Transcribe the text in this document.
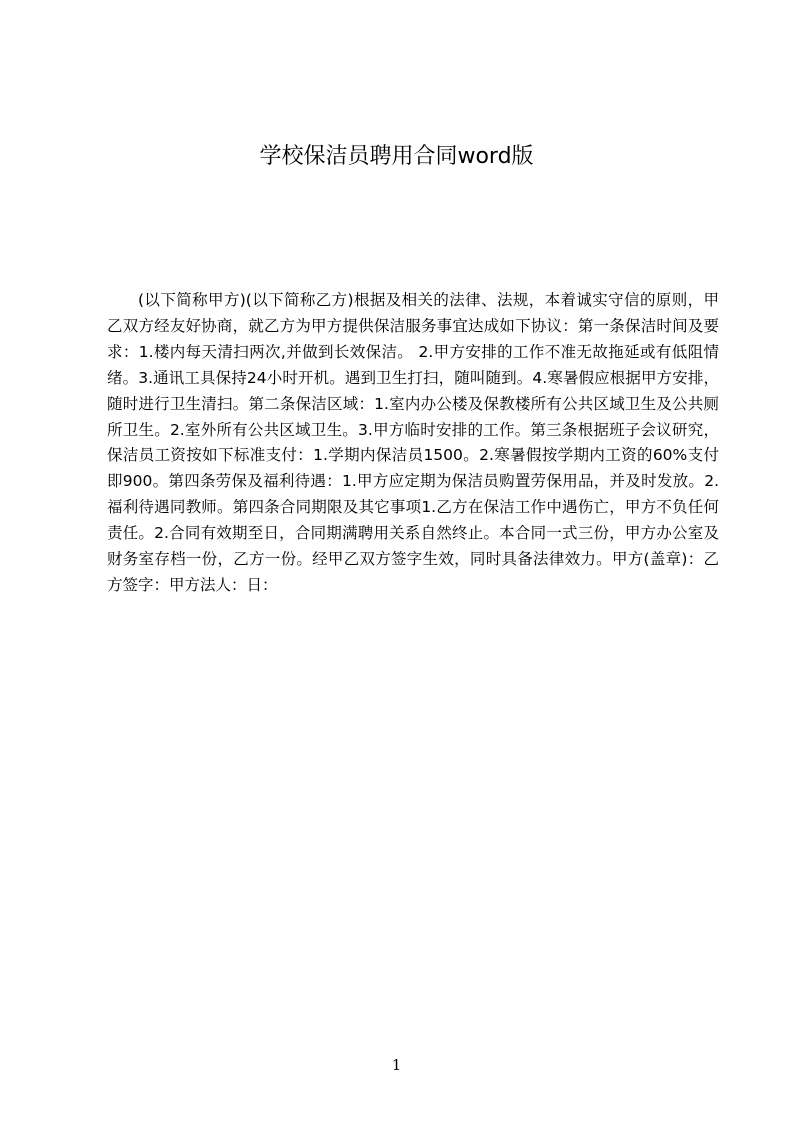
学校保洁员聘用合同word版

(以下简称甲方)(以下简称乙方)根据及相关的法律、法规，本着诚实守信的原则，甲乙双方经友好协商，就乙方为甲方提供保洁服务事宜达成如下协议：第一条保洁时间及要求：1.楼内每天清扫两次,并做到长效保洁。 2.甲方安排的工作不准无故拖延或有低阻情绪。3.通讯工具保持24小时开机。遇到卫生打扫，随叫随到。4.寒暑假应根据甲方安排，随时进行卫生清扫。第二条保洁区域：1.室内办公楼及保教楼所有公共区域卫生及公共厕所卫生。2.室外所有公共区域卫生。3.甲方临时安排的工作。第三条根据班子会议研究，保洁员工资按如下标准支付：1.学期内保洁员1500。2.寒暑假按学期内工资的60%支付即900。第四条劳保及福利待遇：1.甲方应定期为保洁员购置劳保用品，并及时发放。2.福利待遇同教师。第四条合同期限及其它事项1.乙方在保洁工作中遇伤亡，甲方不负任何责任。2.合同有效期至日，合同期满聘用关系自然终止。本合同一式三份，甲方办公室及财务室存档一份，乙方一份。经甲乙双方签字生效，同时具备法律效力。甲方(盖章)：乙方签字：甲方法人：日：

1
